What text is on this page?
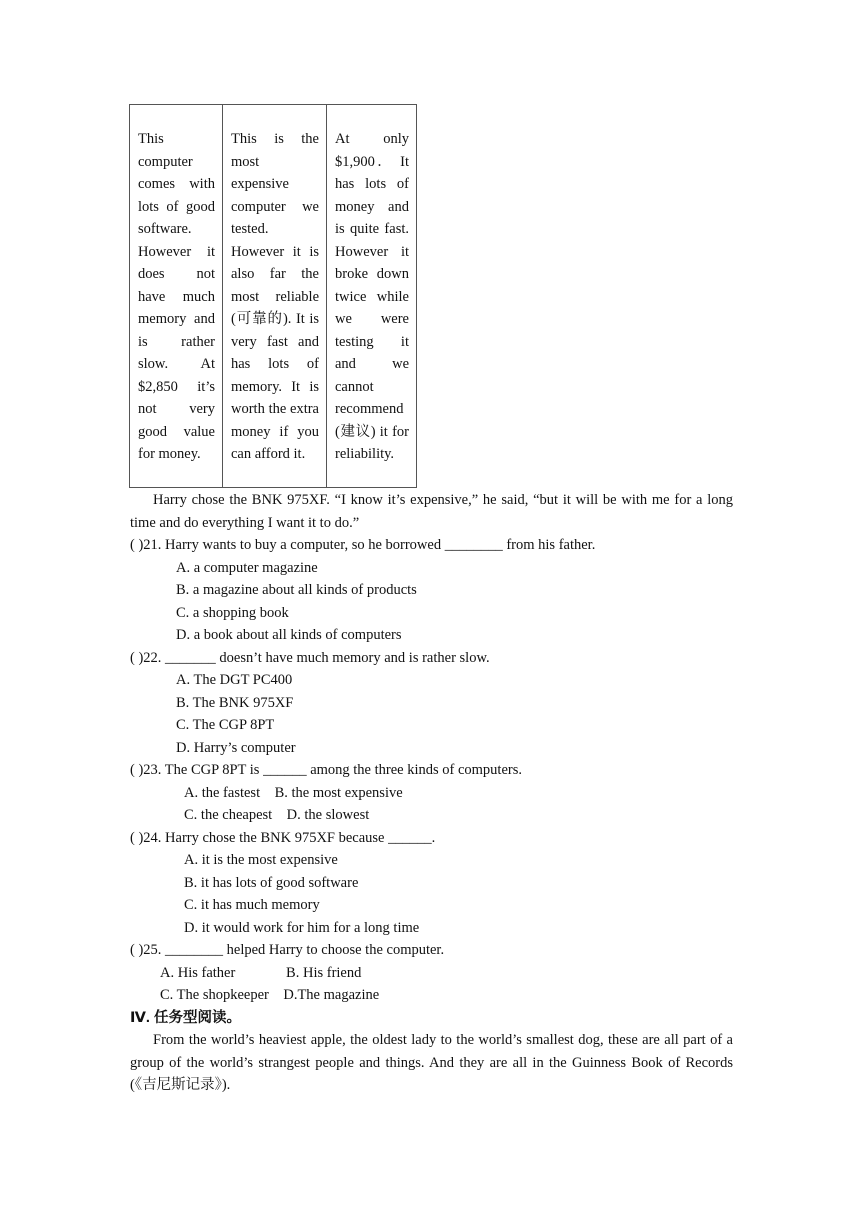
This computer comes with lots of good software. However it does not have much memory and is rather slow. At $2,850 it’s not very good value for money.
This is the most expensive computer we tested. However it is also far the most reliable (可靠的). It is very fast and has lots of memory. It is worth the extra money if you can afford it.
At only $1,900． It has lots of money and is quite fast. However it broke down twice while we were testing it and we cannot recommend (建议) it for reliability.
Harry chose the BNK 975XF. “I know it’s expensive,” he said, “but it will be with me for a long time and do everything I want it to do.”
( )21. Harry wants to buy a computer, so he borrowed ________ from his father.
A. a computer magazine
B. a magazine about all kinds of products
C. a shopping book
D. a book about all kinds of computers
( )22. _______ doesn’t have much memory and is rather slow.
A. The DGT PC400
B. The BNK 975XF
C. The CGP 8PT
D. Harry’s computer
( )23. The CGP 8PT is ______ among the three kinds of computers.
A. the fastest    B. the most expensive
C. the cheapest    D. the slowest
( )24. Harry chose the BNK 975XF because ______.
A. it is the most expensive
B. it has lots of good software
C. it has much memory
D. it would work for him for a long time
( )25. ________ helped Harry to choose the computer.
A. His father              B. His friend
C. The shopkeeper    D.The magazine
Ⅳ. 任务型阅读。
From the world’s heaviest apple, the oldest lady to the world’s smallest dog, these are all part of a group of the world’s strangest people and things. And they are all in the Guinness Book of Records (《吉尼斯记录》).
